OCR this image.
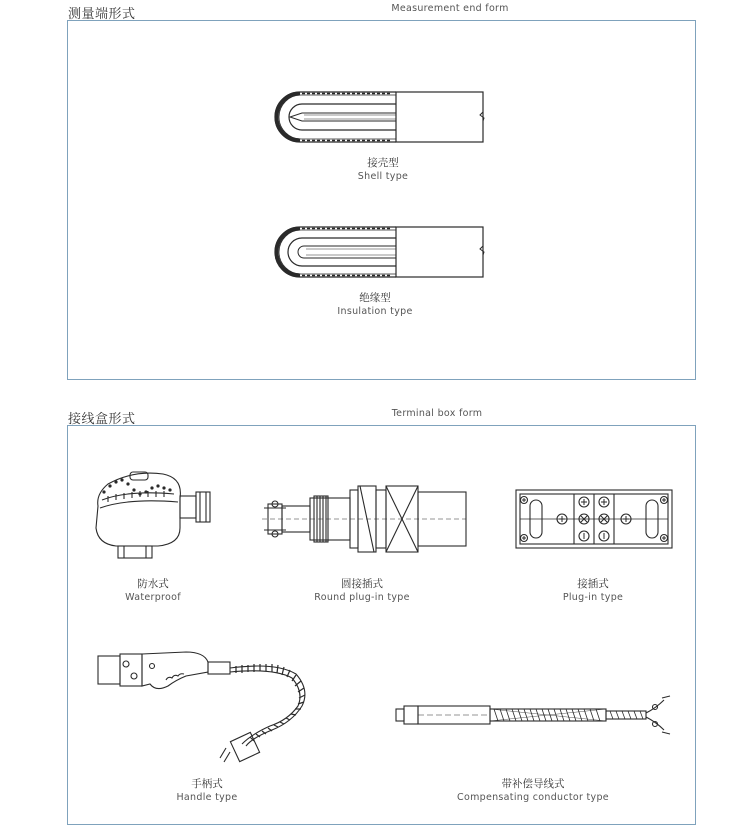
测量端形式	Measurement end form
接壳型
Shell type
绝缘型
Insulation type
接线盒形式	Terminal box form
防水式
Waterproof
圆接插式
Round plug-in type
接插式
Plug-in type
手柄式
Handle type
带补偿导线式
Compensating conductor type
